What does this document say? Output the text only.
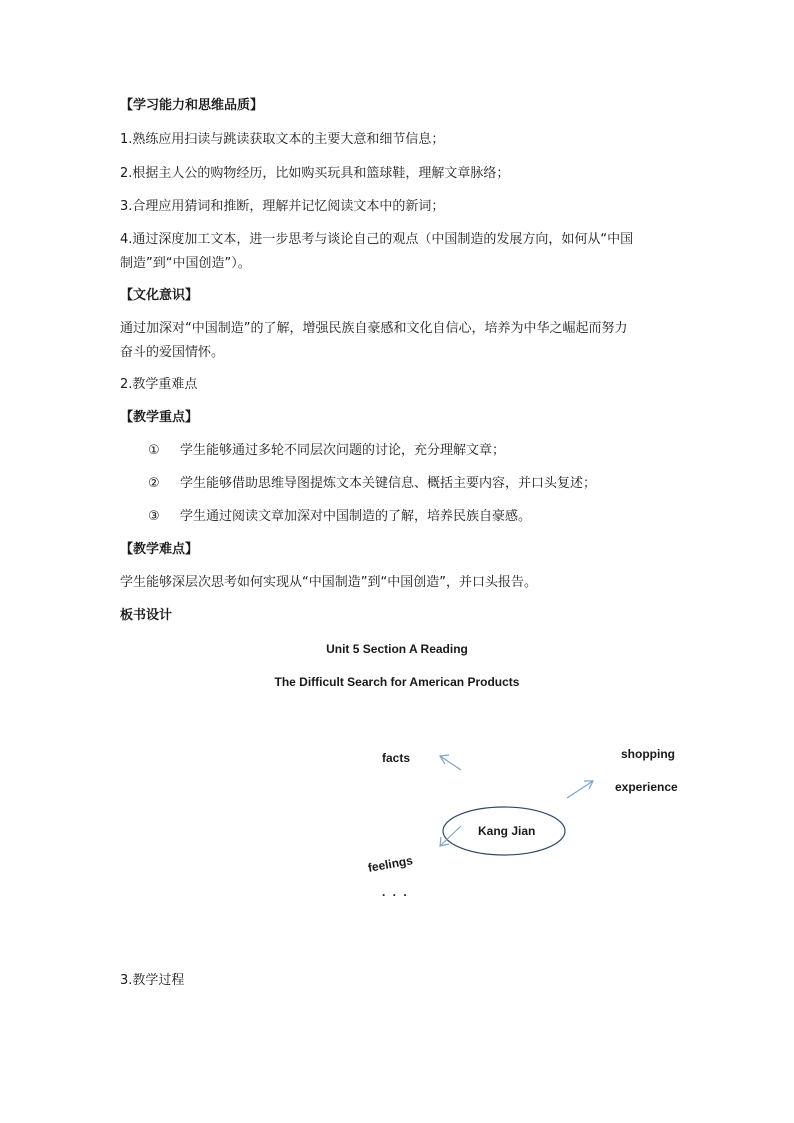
【学习能力和思维品质】

1.熟练应用扫读与跳读获取文本的主要大意和细节信息；

2.根据主人公的购物经历，比如购买玩具和篮球鞋，理解文章脉络；

3.合理应用猜词和推断，理解并记忆阅读文本中的新词；

4.通过深度加工文本，进一步思考与谈论自己的观点（中国制造的发展方向，如何从“中国

制造”到“中国创造”）。

【文化意识】

通过加深对“中国制造”的了解，增强民族自豪感和文化自信心，培养为中华之崛起而努力

奋斗的爱国情怀。

2.教学重难点

【教学重点】

① 学生能够通过多轮不同层次问题的讨论，充分理解文章；
② 学生能够借助思维导图提炼文本关键信息、概括主要内容，并口头复述；
③ 学生通过阅读文章加深对中国制造的了解，培养民族自豪感。

【教学难点】

学生能够深层次思考如何实现从“中国制造”到“中国创造”，并口头报告。

板书设计

Unit 5 Section A Reading
The Difficult Search for American Products
facts	shopping
experience
Kang Jian
feelings
. . .

3.教学过程
